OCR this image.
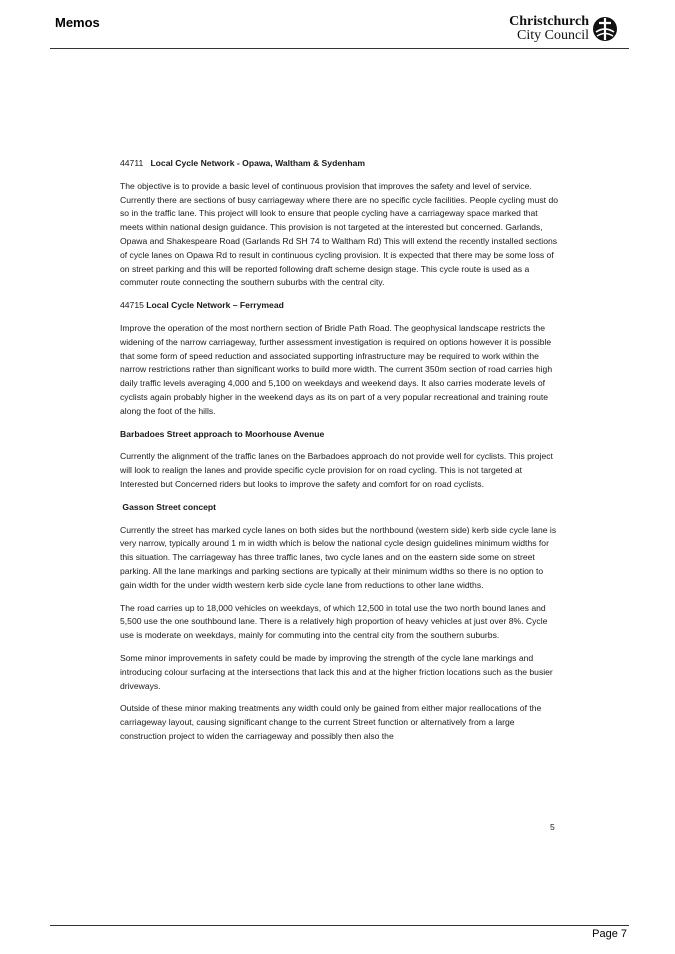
Memos	Christchurch
City Council
44711 Local Cycle Network - Opawa, Waltham & Sydenham

The objective is to provide a basic level of continuous provision that improves the safety and level of service. Currently there are sections of busy carriageway where there are no specific cycle facilities. People cycling must do so in the traffic lane. This project will look to ensure that people cycling have a carriageway space marked that meets within national design guidance. This provision is not targeted at the interested but concerned. Garlands, Opawa and Shakespeare Road (Garlands Rd SH 74 to Waltham Rd) This will extend the recently installed sections of cycle lanes on Opawa Rd to result in continuous cycling provision. It is expected that there may be some loss of on street parking and this will be reported following draft scheme design stage. This cycle route is used as a commuter route connecting the southern suburbs with the central city.

44715 Local Cycle Network – Ferrymead

Improve the operation of the most northern section of Bridle Path Road. The geophysical landscape restricts the widening of the narrow carriageway, further assessment investigation is required on options however it is possible that some form of speed reduction and associated supporting infrastructure may be required to work within the narrow restrictions rather than significant works to build more width. The current 350m section of road carries high daily traffic levels averaging 4,000 and 5,100 on weekdays and weekend days. It also carries moderate levels of cyclists again probably higher in the weekend days as its on part of a very popular recreational and training route along the foot of the hills.

Barbadoes Street approach to Moorhouse Avenue

Currently the alignment of the traffic lanes on the Barbadoes approach do not provide well for cyclists. This project will look to realign the lanes and provide specific cycle provision for on road cycling. This is not targeted at Interested but Concerned riders but looks to improve the safety and comfort for on road cyclists.

Gasson Street concept

Currently the street has marked cycle lanes on both sides but the northbound (western side) kerb side cycle lane is very narrow, typically around 1 m in width which is below the national cycle design guidelines minimum widths for this situation. The carriageway has three traffic lanes, two cycle lanes and on the eastern side some on street parking. All the lane markings and parking sections are typically at their minimum widths so there is no option to gain width for the under width western kerb side cycle lane from reductions to other lane widths.

The road carries up to 18,000 vehicles on weekdays, of which 12,500 in total use the two north bound lanes and 5,500 use the one southbound lane. There is a relatively high proportion of heavy vehicles at just over 8%. Cycle use is moderate on weekdays, mainly for commuting into the central city from the southern suburbs.

Some minor improvements in safety could be made by improving the strength of the cycle lane markings and introducing colour surfacing at the intersections that lack this and at the higher friction locations such as the busier driveways.

Outside of these minor making treatments any width could only be gained from either major reallocations of the carriageway layout, causing significant change to the current Street function or alternatively from a large construction project to widen the carriageway and possibly then also the

5
Page 7
